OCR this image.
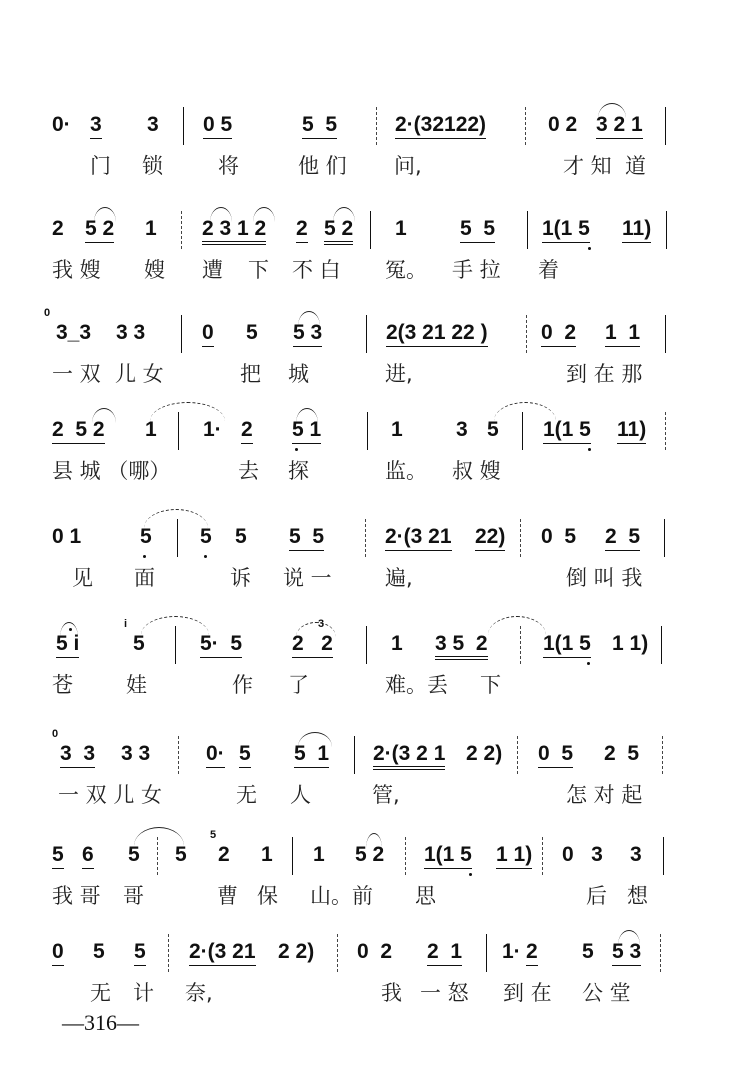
0· 3 3 0 5	5  5	2·(32122)	0 2 3 2 1
门 锁	将	他 们 问,	才 知  道
2 5 2 1 2 3 1 2 2 5 2 1	5  5 1(1 5 11)
我 嫂 嫂 遭 下 不 白 冤。 手 拉 着
3_3 3 3	0 5 5 3	2(3 21 22 )	0  2 1  1
0
一 双 儿 女	把 城	进,	到 在 那
2  5 2 1 1· 2 5 1	1	3 5 1(1 5 11)
县 城 （哪）	去 探	监。 叔 嫂
0 1	5 5 5 5  5	2·(3 21 22) 0  5 2  5
见 面	诉 说 一	遍,	倒 叫 我
5 i	5	5·  5 2   2	1 3 5  2	1(1 5 1 1)
i	3
苍	娃	作 了	难。丢 下
3  3 3 3	0· 5 5  1 2·(3 2 1 2 2) 0  5 2  5
0
一 双 儿 女	无 人	管,	怎 对 起
5 6 5 5 2 1 1 5 2 1(1 5 1 1) 0   3 3
5
我 哥 哥	曹 保 山。前 思	后 想
0 5 5 2·(3 21 2 2) 0  2 2  1 1· 2 5 5 3
无 计 奈,	我 一 怒 到 在 公 堂
—316—
